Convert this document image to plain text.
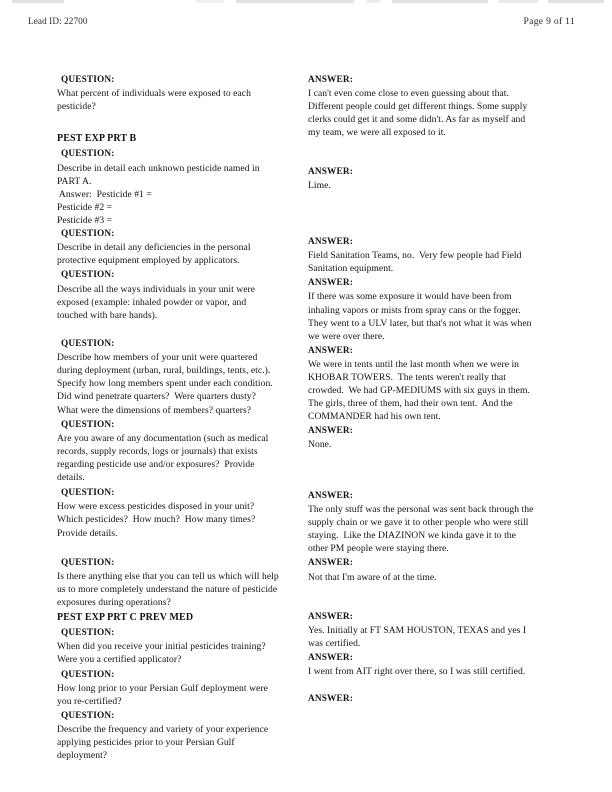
Lead ID: 22700	Page 9 of 11
QUESTION:
What percent of individuals were exposed to each
pesticide?
PEST EXP PRT B
QUESTION:
Describe in detail each unknown pesticide named in
PART A.
Answer:  Pesticide #1 =
Pesticide #2 =
Pesticide #3 =
QUESTION:
Describe in detail any deficiencies in the personal
protective equipment employed by applicators.
QUESTION:
Describe all the ways individuals in your unit were
exposed (example: inhaled powder or vapor, and
touched with bare hands).
QUESTION:
Describe how members of your unit were quartered
during deployment (urban, rural, buildings, tents, etc.).
Specify how long members spent under each condition.
Did wind penetrate quarters?  Were quarters dusty?
What were the dimensions of members? quarters?
QUESTION:
Are you aware of any documentation (such as medical
records, supply records, logs or journals) that exists
regarding pesticide use and/or exposures?  Provide
details.
QUESTION:
How were excess pesticides disposed in your unit?
Which pesticides?  How much?  How many times?
Provide details.
QUESTION:
Is there anything else that you can tell us which will help
us to more completely understand the nature of pesticide
exposures during operations?
PEST EXP PRT C PREV MED
QUESTION:
When did you receive your initial pesticides training?
Were you a certified applicator?
QUESTION:
How long prior to your Persian Gulf deployment were
you re-certified?
QUESTION:
Describe the frequency and variety of your experience
applying pesticides prior to your Persian Gulf
deployment?
ANSWER:
I can't even come close to even guessing about that.
Different people could get different things. Some supply
clerks could get it and some didn't. As far as myself and
my team, we were all exposed to it.
ANSWER:
Lime.
ANSWER:
Field Sanitation Teams, no.  Very few people had Field
Sanitation equipment.
ANSWER:
If there was some exposure it would have been from
inhaling vapors or mists from spray cans or the fogger.
They went to a ULV later, but that's not what it was when
we were over there.
ANSWER:
We were in tents until the last month when we were in
KHOBAR TOWERS.  The tents weren't really that
crowded.  We had GP-MEDIUMS with six guys in them.
The girls, three of them, had their own tent.  And the
COMMANDER had his own tent.
ANSWER:
None.
ANSWER:
The only stuff was the personal was sent back through the
supply chain or we gave it to other people who were still
staying.  Like the DIAZINON we kinda gave it to the
other PM people were staying there.
ANSWER:
Not that I'm aware of at the time.
ANSWER:
Yes. Initially at FT SAM HOUSTON, TEXAS and yes I
was certified.
ANSWER:
I went from AIT right over there, so I was still certified.
ANSWER:
